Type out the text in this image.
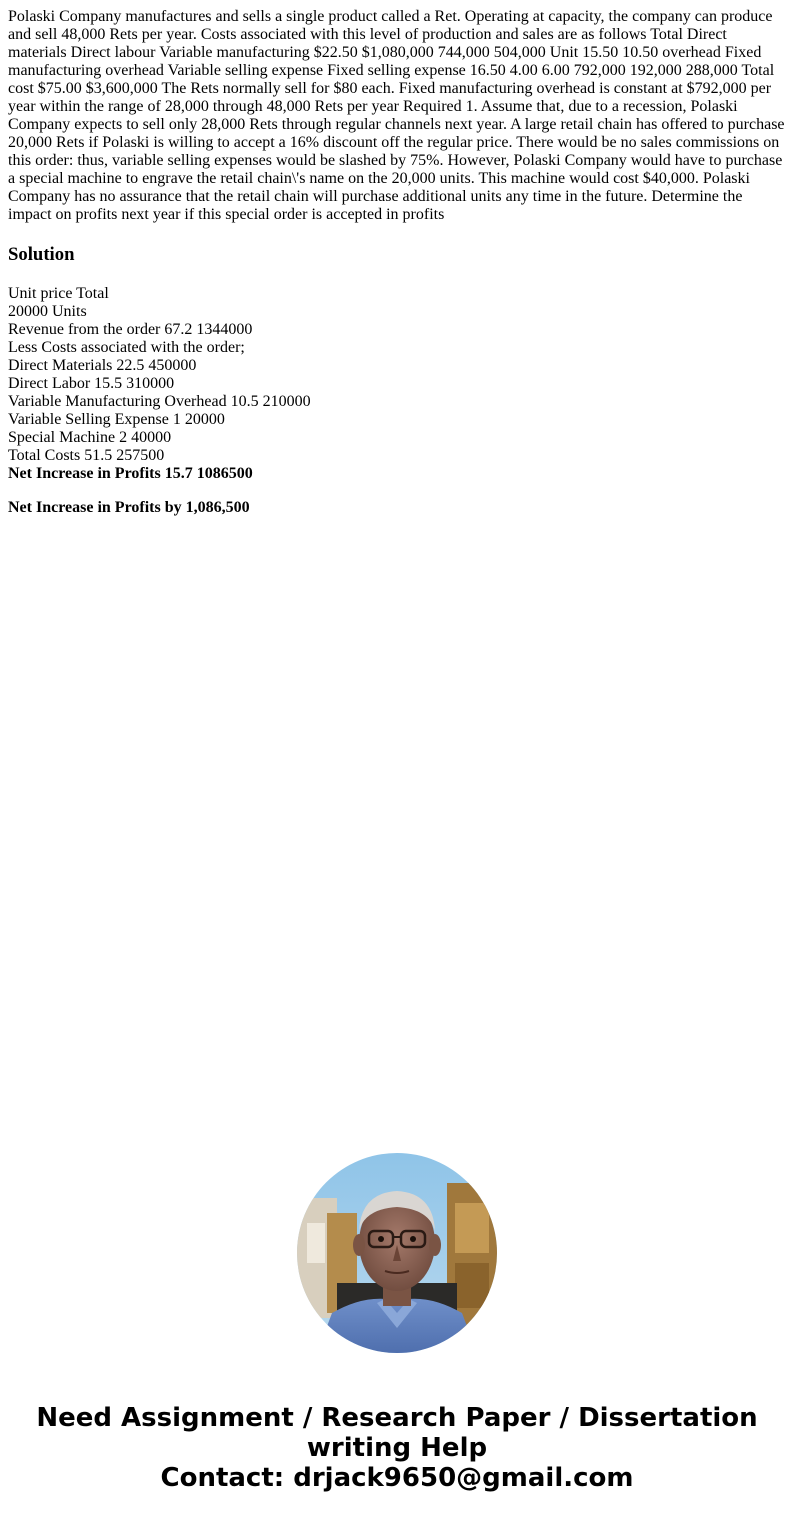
Polaski Company manufactures and sells a single product called a Ret. Operating at capacity, the company can produce and sell 48,000 Rets per year. Costs associated with this level of production and sales are as follows Total Direct materials Direct labour Variable manufacturing $22.50 $1,080,000 744,000 504,000 Unit 15.50 10.50 overhead Fixed manufacturing overhead Variable selling expense Fixed selling expense 16.50 4.00 6.00 792,000 192,000 288,000 Total cost $75.00 $3,600,000 The Rets normally sell for $80 each. Fixed manufacturing overhead is constant at $792,000 per year within the range of 28,000 through 48,000 Rets per year Required 1. Assume that, due to a recession, Polaski Company expects to sell only 28,000 Rets through regular channels next year. A large retail chain has offered to purchase 20,000 Rets if Polaski is willing to accept a 16% discount off the regular price. There would be no sales commissions on this order: thus, variable selling expenses would be slashed by 75%. However, Polaski Company would have to purchase a special machine to engrave the retail chain\'s name on the 20,000 units. This machine would cost $40,000. Polaski Company has no assurance that the retail chain will purchase additional units any time in the future. Determine the impact on profits next year if this special order is accepted in profits

Solution
Unit price Total
20000 Units
Revenue from the order 67.2 1344000
Less Costs associated with the order;
Direct Materials 22.5 450000
Direct Labor 15.5 310000
Variable Manufacturing Overhead 10.5 210000
Variable Selling Expense 1 20000
Special Machine 2 40000
Total Costs 51.5 257500
Net Increase in Profits 15.7 1086500
Net Increase in Profits by 1,086,500
Need Assignment / Research Paper / Dissertation
writing Help
Contact: drjack9650@gmail.com
